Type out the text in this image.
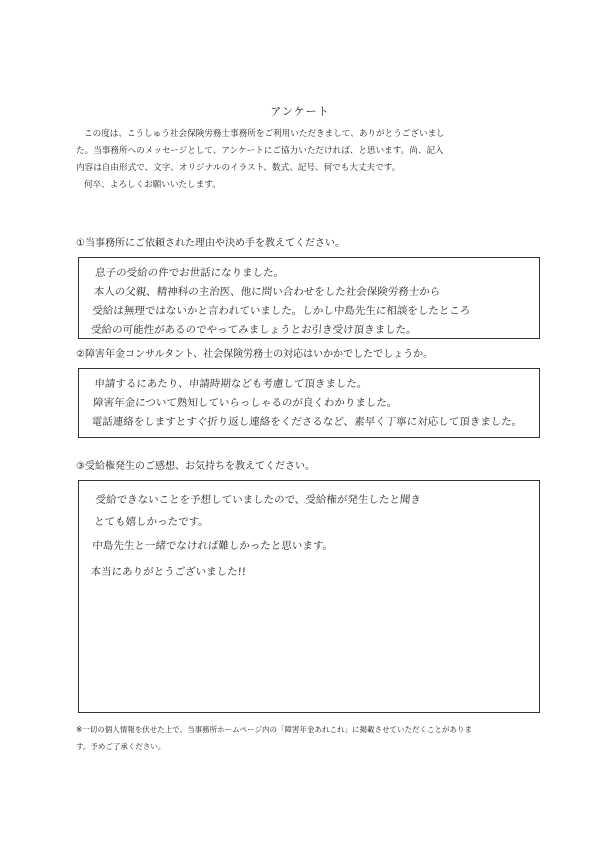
アンケート

この度は、こうしゅう社会保険労務士事務所をご利用いただきまして、ありがとうございまし

た。当事務所へのメッセージとして、アンケートにご協力いただければ、と思います。尚、記入

内容は自由形式で、文字、オリジナルのイラスト、数式、記号、何でも大丈夫です。

何卒、よろしくお願いいたします。

①当事務所にご依頼された理由や決め手を教えてください。
息子の受給の件でお世話になりました。
本人の父親、精神科の主治医、他に問い合わせをした社会保険労務士から
受給は無理ではないかと言われていました。しかし中島先生に相談をしたところ
受給の可能性があるのでやってみましょうとお引き受け頂きました。
②障害年金コンサルタント、社会保険労務士の対応はいかかでしたでしょうか。
申請するにあたり、申請時期なども考慮して頂きました。
障害年金について熟知していらっしゃるのが良くわかりました。
電話連絡をしますとすぐ折り返し連絡をくださるなど、素早く丁寧に対応して頂きました。
③受給権発生のご感想、お気持ちを教えてください。
受給できないことを予想していましたので、受給権が発生したと聞き
とても嬉しかったです。
中島先生と一緒でなければ難しかったと思います。
本当にありがとうございました!!

※一切の個人情報を伏せた上で、当事務所ホームページ内の「障害年金あれこれ」に掲載させていただくことがありま

す。予めご了承ください。
